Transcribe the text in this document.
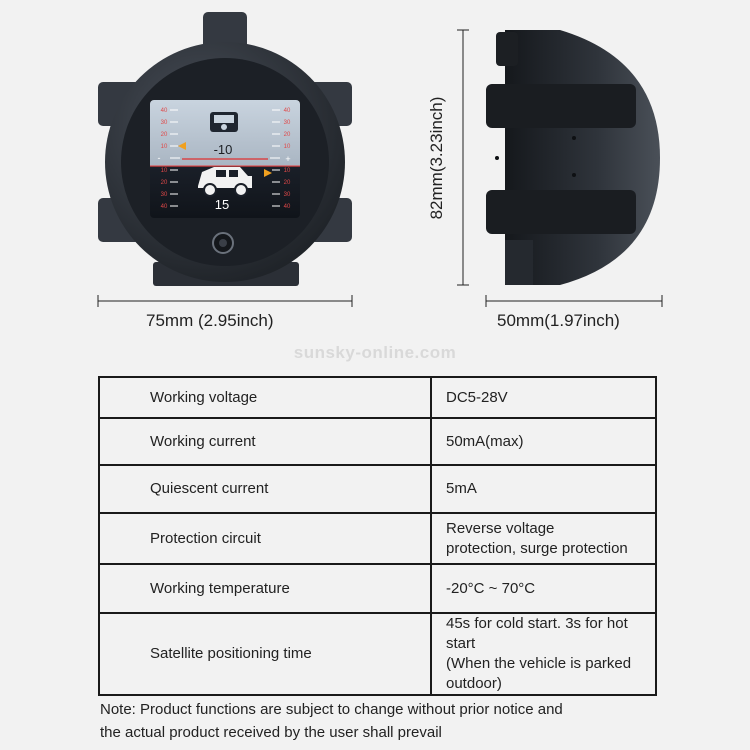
40
30
20
10
10
20
30
40
40
30
20
10
10
20
30
40
-	+
-10
15
75mm (2.95inch)
82mm(3.23inch)
50mm(1.97inch)
sunsky-online.com
Working voltage	DC5-28V
Working current	50mA(max)
Quiescent current	5mA
Protection circuit	Reverse voltage
protection, surge protection
Working temperature	-20°C ~ 70°C
Satellite positioning time	45s for cold start. 3s for hot start
(When the vehicle is parked
outdoor)
Note: Product functions are subject to change without prior notice and
the actual product received by the user shall prevail
